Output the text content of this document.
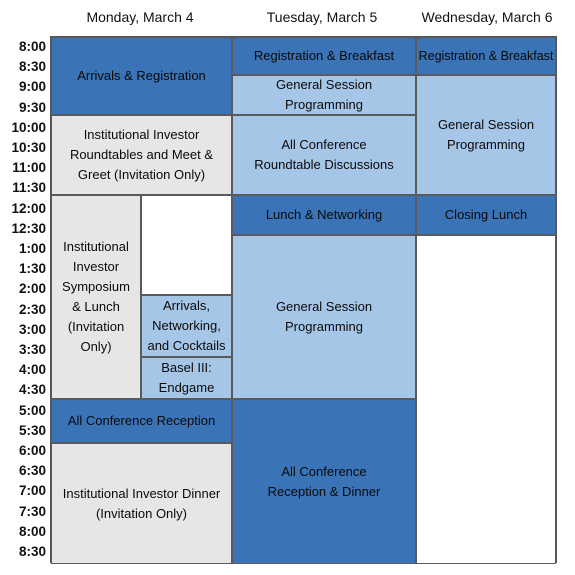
Monday, March 4	Tuesday, March 5	Wednesday, March 6
8:00
8:30
9:00
9:30
10:00
10:30
11:00
11:30
12:00
12:30
1:00
1:30
2:00
2:30
3:00
3:30
4:00
4:30
5:00
5:30
6:00
6:30
7:00
7:30
8:00
8:30
Arrivals & Registration
Institutional Investor Roundtables and Meet & Greet (Invitation Only)
Institutional Investor Symposium & Lunch (Invitation Only)
Arrivals, Networking, and Cocktails
Basel III: Endgame
All Conference Reception
Institutional Investor Dinner (Invitation Only)
Registration & Breakfast
General Session Programming
All Conference Roundtable Discussions
Lunch & Networking
General Session Programming
All Conference Reception & Dinner
Registration & Breakfast
General Session Programming
Closing Lunch
